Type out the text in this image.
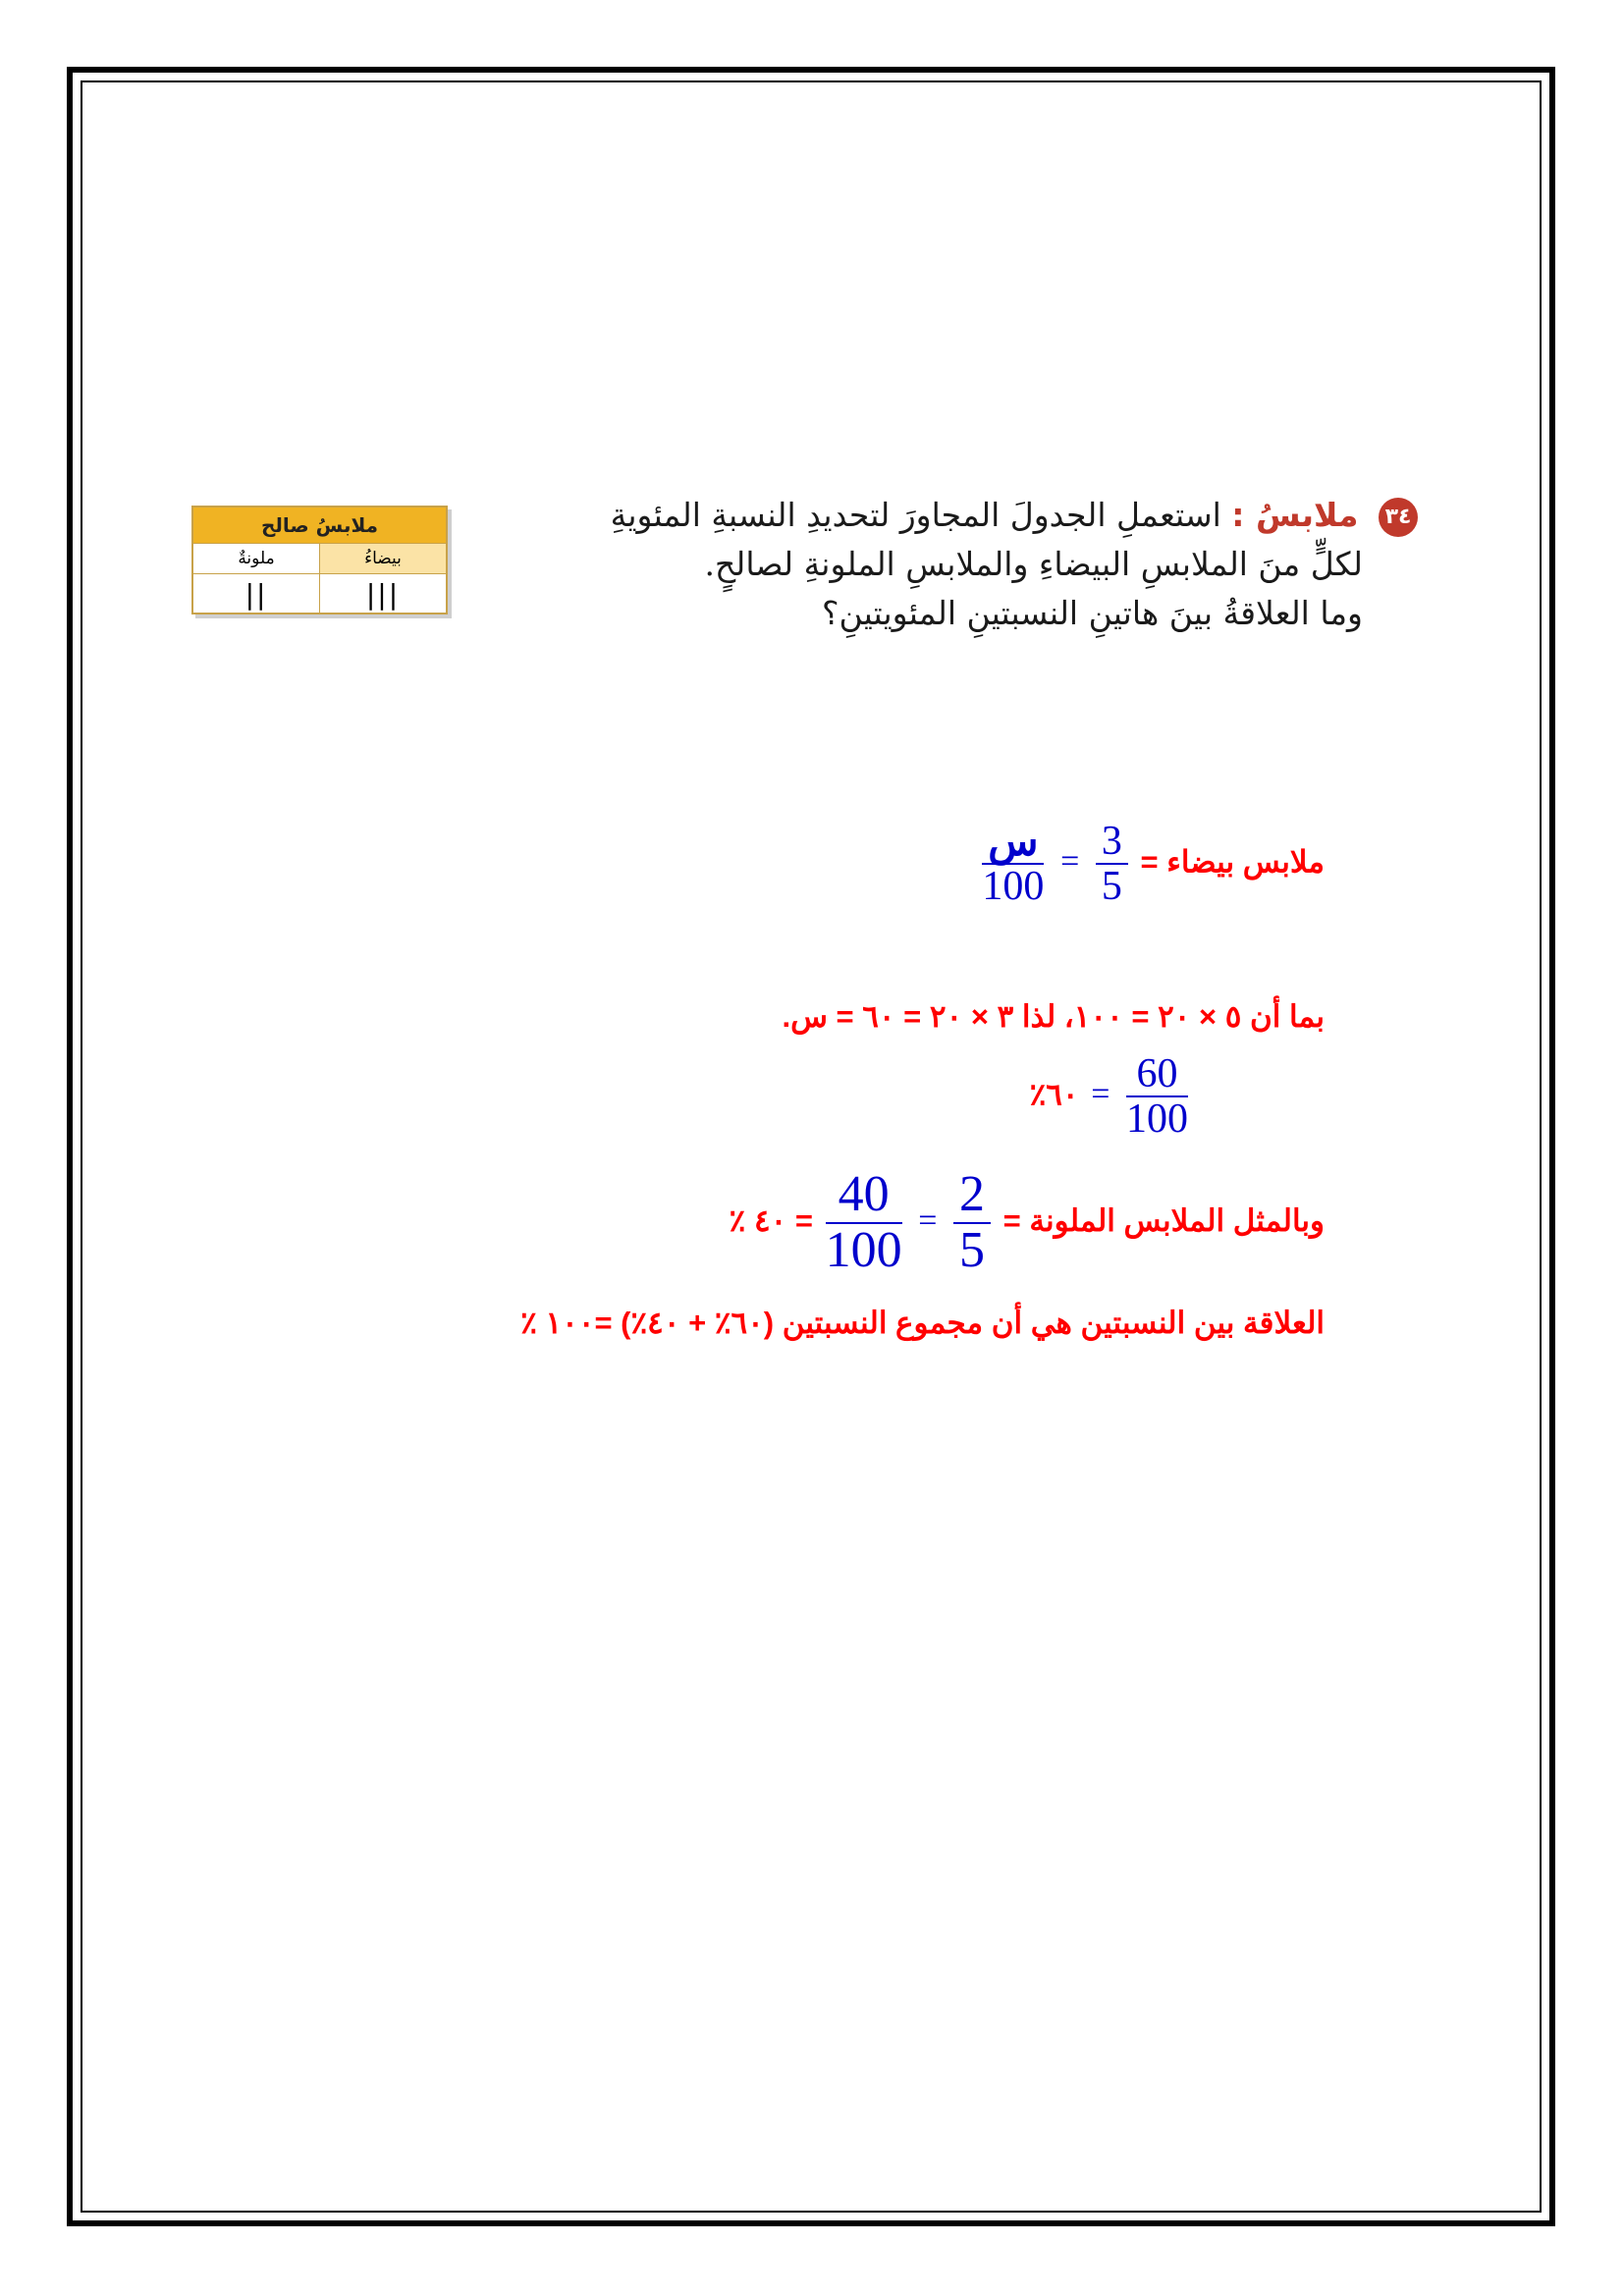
٣٤ ملابسُ : استعملِ الجدولَ المجاورَ لتحديدِ النسبةِ المئويةِ
لكلٍّ منَ الملابسِ البيضاءِ والملابسِ الملونةِ لصالحٍ.
وما العلاقةُ بينَ هاتينِ النسبتينِ المئويتينِ؟
ملابسُ صالح
بيضاءُ
ملونةٌ
|||
||
ملابس بيضاء =
$\frac{3}{5}$
=
$\frac{\text{س}}{100}$
بما أن ٥ × ٢٠ = ١٠٠، لذا ٣ × ٢٠ = ٦٠ = س.
$\frac{60}{100}$
= ٦٠٪
وبالمثل الملابس الملونة =
$\frac{2}{5}$
=
$\frac{40}{100}$
= ٤٠ ٪
العلاقة بين النسبتين هي أن مجموع النسبتين (٦٠٪ + ٤٠٪) =١٠٠ ٪
